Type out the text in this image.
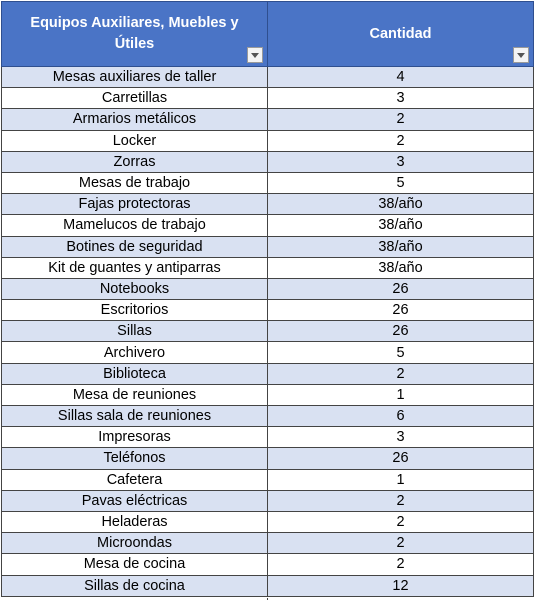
Equipos Auxiliares, Muebles y Útiles	Cantidad

Mesas auxiliares de taller	4
Carretillas	3
Armarios metálicos	2
Locker	2
Zorras	3
Mesas de trabajo	5
Fajas protectoras	38/año
Mamelucos de trabajo	38/año
Botines de seguridad	38/año
Kit de guantes y antiparras	38/año
Notebooks	26
Escritorios	26
Sillas	26
Archivero	5
Biblioteca	2
Mesa de reuniones	1
Sillas sala de reuniones	6
Impresoras	3
Teléfonos	26
Cafetera	1
Pavas eléctricas	2
Heladeras	2
Microondas	2
Mesa de cocina	2
Sillas de cocina	12
